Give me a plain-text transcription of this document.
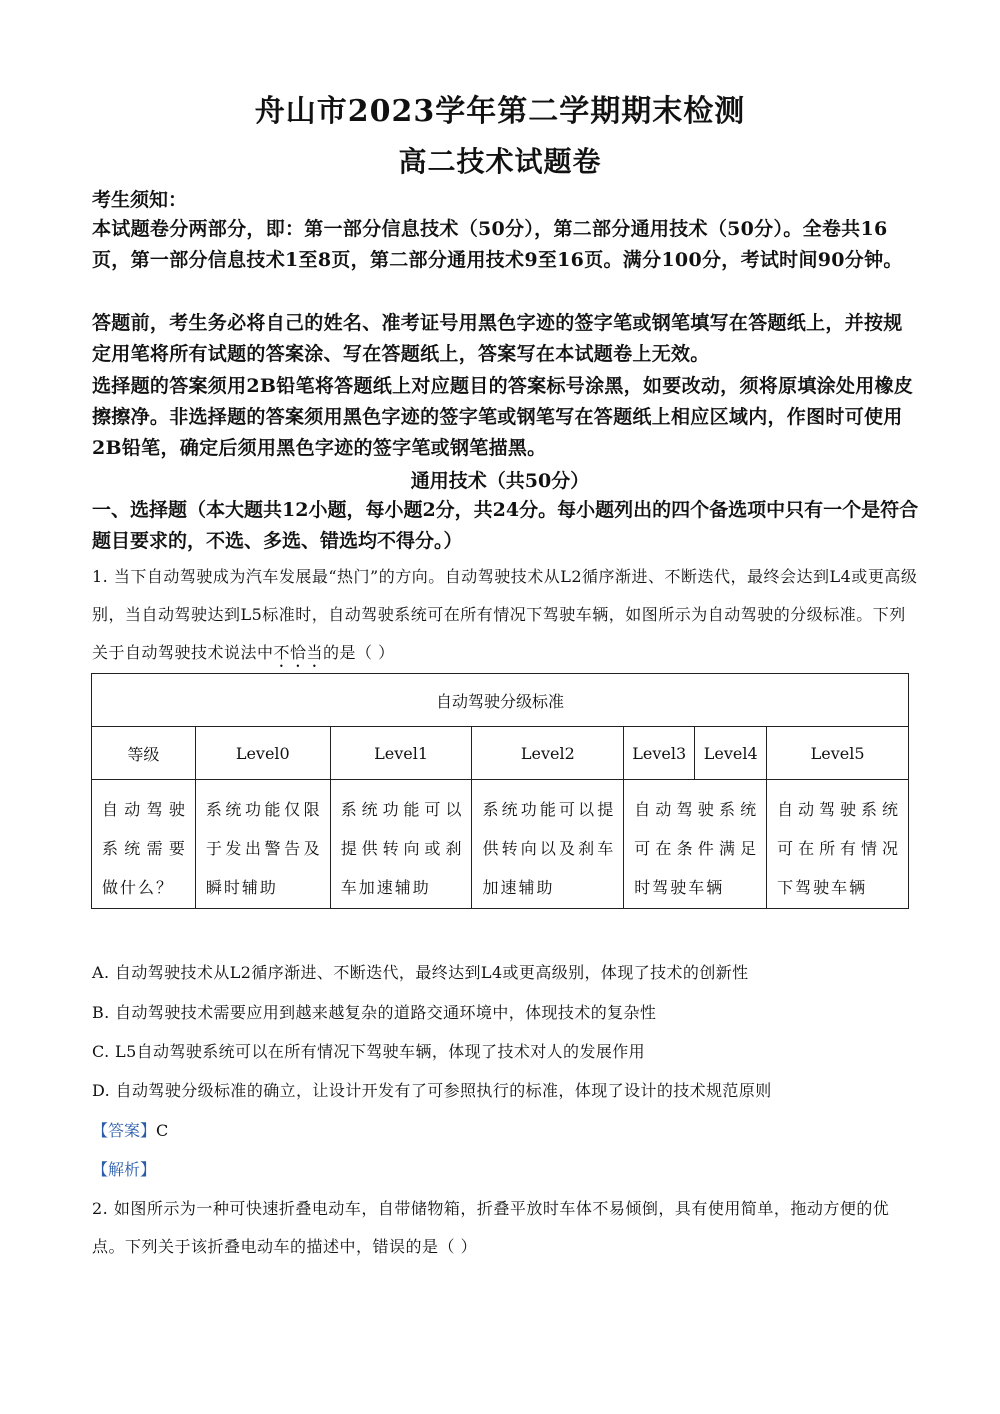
舟山市2023学年第二学期期末检测
高二技术试题卷
考生须知：
本试题卷分两部分，即：第一部分信息技术（50分），第二部分通用技术（50分）。全卷共16页，第一部分信息技术1至8页，第二部分通用技术9至16页。满分100分，考试时间90分钟。
答题前，考生务必将自己的姓名、准考证号用黑色字迹的签字笔或钢笔填写在答题纸上，并按规定用笔将所有试题的答案涂、写在答题纸上，答案写在本试题卷上无效。
选择题的答案须用2B铅笔将答题纸上对应题目的答案标号涂黑，如要改动，须将原填涂处用橡皮擦擦净。非选择题的答案须用黑色字迹的签字笔或钢笔写在答题纸上相应区域内，作图时可使用2B铅笔，确定后须用黑色字迹的签字笔或钢笔描黑。
通用技术（共50分）
一、选择题（本大题共12小题，每小题2分，共24分。每小题列出的四个备选项中只有一个是符合题目要求的，不选、多选、错选均不得分。）
1. 当下自动驾驶成为汽车发展最“热门”的方向。自动驾驶技术从L2循序渐进、不断迭代，最终会达到L4或更高级别，当自动驾驶达到L5标准时，自动驾驶系统可在所有情况下驾驶车辆，如图所示为自动驾驶的分级标准。下列关于自动驾驶技术说法中不恰当的是（ ）
自动驾驶分级标准						
等级	Level0	Level1	Level2	Level3	Level4	Level5

自动驾驶系统需要做什么？	系统功能仅限于发出警告及瞬时辅助	系统功能可以提供转向或刹车加速辅助	系统功能可以提供转向以及刹车加速辅助	自动驾驶系统可在条件满足时驾驶车辆		自动驾驶系统可在所有情况下驾驶车辆
A. 自动驾驶技术从L2循序渐进、不断迭代，最终达到L4或更高级别，体现了技术的创新性
B. 自动驾驶技术需要应用到越来越复杂的道路交通环境中，体现技术的复杂性
C. L5自动驾驶系统可以在所有情况下驾驶车辆，体现了技术对人的发展作用
D. 自动驾驶分级标准的确立，让设计开发有了可参照执行的标准，体现了设计的技术规范原则
【答案】C
【解析】
2. 如图所示为一种可快速折叠电动车，自带储物箱，折叠平放时车体不易倾倒，具有使用简单，拖动方便的优点。下列关于该折叠电动车的描述中，错误的是（ ）
